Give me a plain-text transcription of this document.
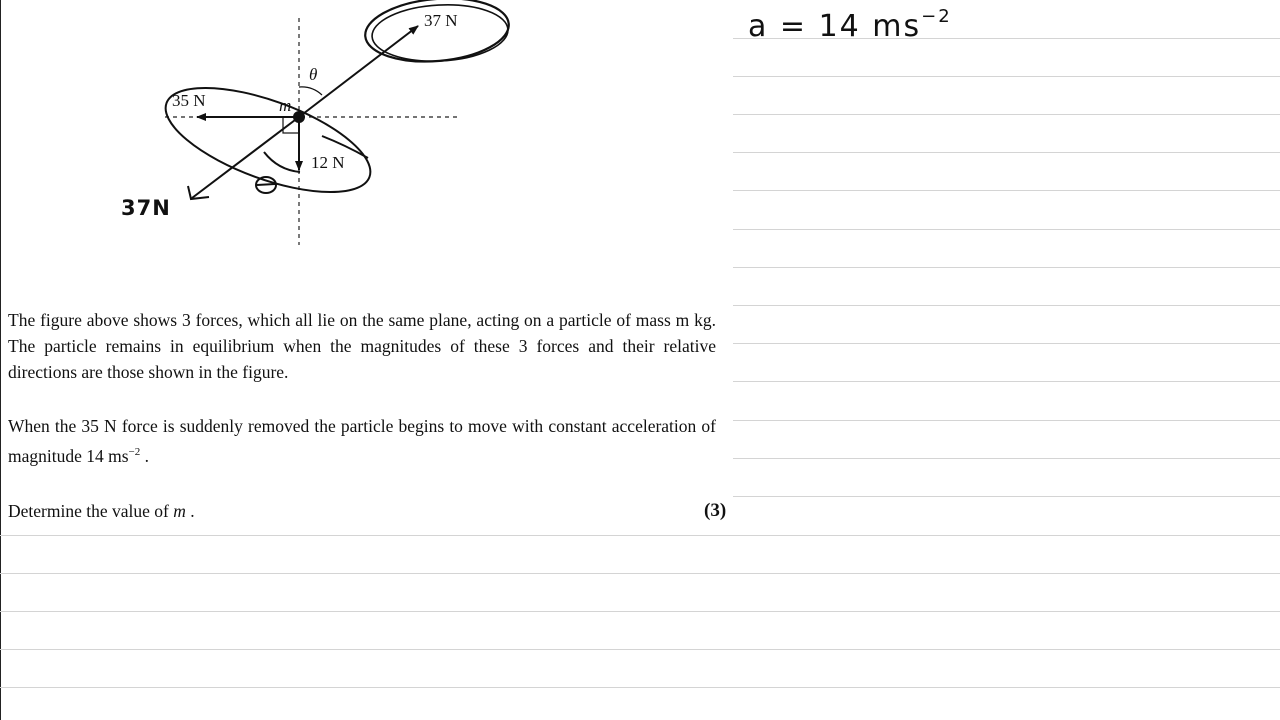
37 N
35 N
12 N
m
θ
37N
a = 14 $ms^{-2}$

The figure above shows 3 forces, which all lie on the same plane, acting on a particle of mass m kg. The particle remains in equilibrium when the magnitudes of these 3 forces and their relative directions are those shown in the figure.

When the 35 N force is suddenly removed the particle begins to move with constant acceleration of magnitude 14 $ms^{-2}$ .

Determine the value of m .	(3)
